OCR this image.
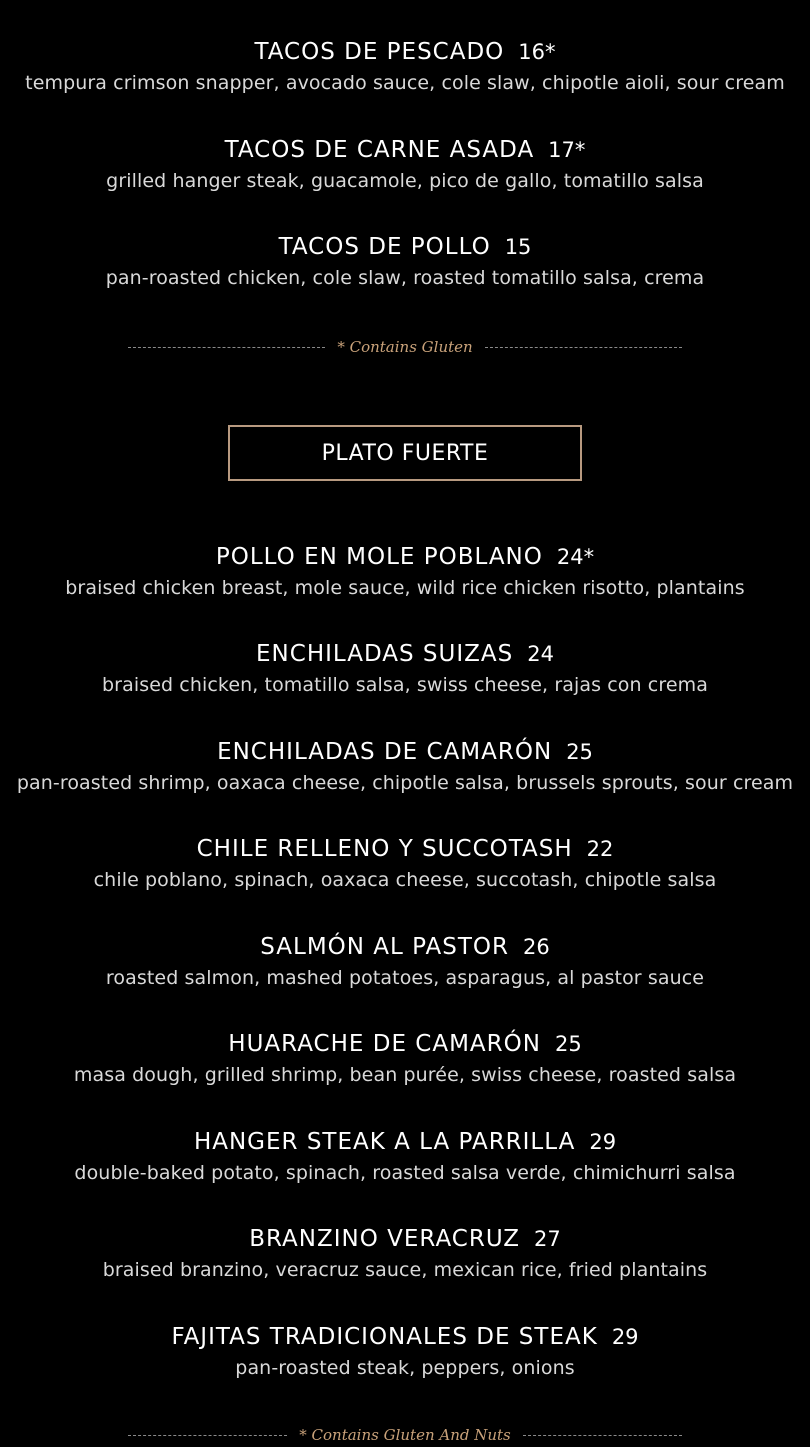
TACOS DE PESCADO 16*
tempura crimson snapper, avocado sauce, cole slaw, chipotle aioli, sour cream
TACOS DE CARNE ASADA 17*
grilled hanger steak, guacamole, pico de gallo, tomatillo salsa
TACOS DE POLLO 15
pan-roasted chicken, cole slaw, roasted tomatillo salsa, crema
* Contains Gluten
PLATO FUERTE
POLLO EN MOLE POBLANO 24*
braised chicken breast, mole sauce, wild rice chicken risotto, plantains
ENCHILADAS SUIZAS 24
braised chicken, tomatillo salsa, swiss cheese, rajas con crema
ENCHILADAS DE CAMARÓN 25
pan-roasted shrimp, oaxaca cheese, chipotle salsa, brussels sprouts, sour cream
CHILE RELLENO Y SUCCOTASH 22
chile poblano, spinach, oaxaca cheese, succotash, chipotle salsa
SALMÓN AL PASTOR 26
roasted salmon, mashed potatoes, asparagus, al pastor sauce
HUARACHE DE CAMARÓN 25
masa dough, grilled shrimp, bean purée, swiss cheese, roasted salsa
HANGER STEAK A LA PARRILLA 29
double-baked potato, spinach, roasted salsa verde, chimichurri salsa
BRANZINO VERACRUZ 27
braised branzino, veracruz sauce, mexican rice, fried plantains
FAJITAS TRADICIONALES DE STEAK 29
pan-roasted steak, peppers, onions
* Contains Gluten And Nuts
